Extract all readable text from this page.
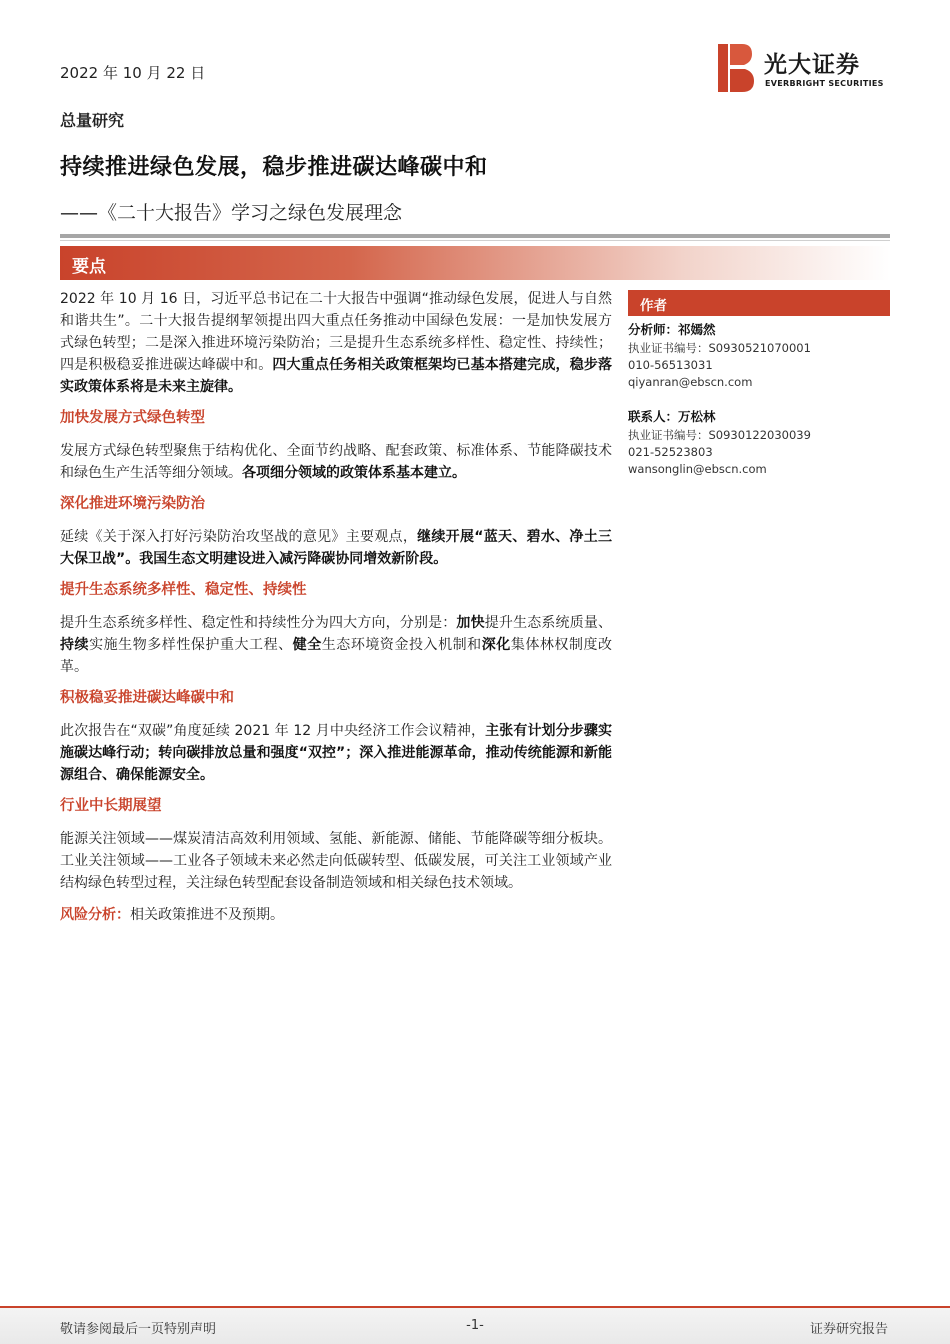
2022 年 10 月 22 日
总量研究
持续推进绿色发展，稳步推进碳达峰碳中和
——《二十大报告》学习之绿色发展理念
光大证券
EVERBRIGHT SECURITIES
要点

2022 年 10 月 16 日，习近平总书记在二十大报告中强调“推动绿色发展，促进人与自然和谐共生”。二十大报告提纲挈领提出四大重点任务推动中国绿色发展：一是加快发展方式绿色转型；二是深入推进环境污染防治；三是提升生态系统多样性、稳定性、持续性；四是积极稳妥推进碳达峰碳中和。四大重点任务相关政策框架均已基本搭建完成，稳步落实政策体系将是未来主旋律。

加快发展方式绿色转型

发展方式绿色转型聚焦于结构优化、全面节约战略、配套政策、标准体系、节能降碳技术和绿色生产生活等细分领域。各项细分领域的政策体系基本建立。

深化推进环境污染防治

延续《关于深入打好污染防治攻坚战的意见》主要观点，继续开展“蓝天、碧水、净土三大保卫战”。我国生态文明建设进入减污降碳协同增效新阶段。

提升生态系统多样性、稳定性、持续性

提升生态系统多样性、稳定性和持续性分为四大方向，分别是：加快提升生态系统质量、持续实施生物多样性保护重大工程、健全生态环境资金投入机制和深化集体林权制度改革。

积极稳妥推进碳达峰碳中和

此次报告在“双碳”角度延续 2021 年 12 月中央经济工作会议精神，主张有计划分步骤实施碳达峰行动；转向碳排放总量和强度“双控”；深入推进能源革命，推动传统能源和新能源组合、确保能源安全。

行业中长期展望

能源关注领域——煤炭清洁高效利用领域、氢能、新能源、储能、节能降碳等细分板块。工业关注领域——工业各子领域未来必然走向低碳转型、低碳发展，可关注工业领域产业结构绿色转型过程，关注绿色转型配套设备制造领域和相关绿色技术领域。

风险分析：相关政策推进不及预期。

作者
分析师：祁嫣然
执业证书编号：S0930521070001
010-56513031
qiyanran@ebscn.com
联系人：万松林
执业证书编号：S0930122030039
021-52523803
wansonglin@ebscn.com
敬请参阅最后一页特别声明	-1-	证券研究报告
